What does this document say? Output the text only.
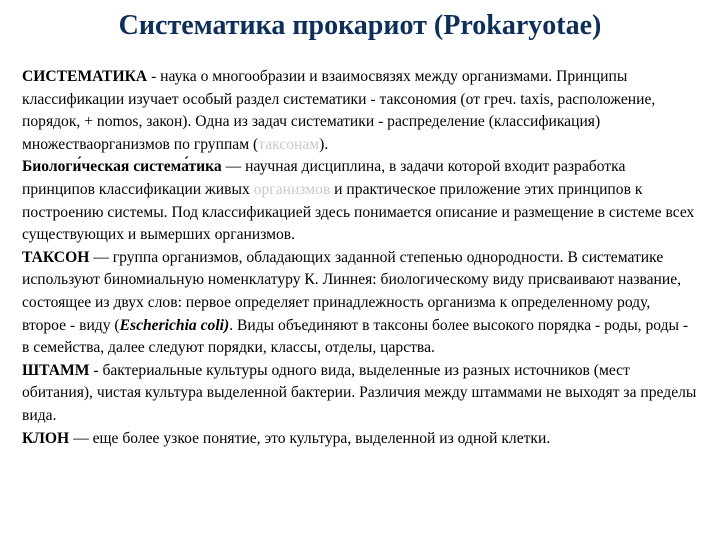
Систематика прокариот (Prokaryotae)

СИСТЕМАТИКА - наука о многообразии и взаимосвязях между организмами. Принципы классификации изучает особый раздел систематики - таксономия (от греч. taxis, расположение, порядок, + nomos, закон). Одна из задач систематики - распределение (классификация) множестваорганизмов по группам (таксонам).

Биологи́ческая система́тика — научная дисциплина, в задачи которой входит разработка принципов классификации живых организмов и практическое приложение этих принципов к построению системы. Под классификацией здесь понимается описание и размещение в системе всех существующих и вымерших организмов.

ТАКСОН — группа организмов, обладающих заданной степенью однородности. В систематике используют биномиальную номенклатуру К. Линнея: биологическому виду присваивают название, состоящее из двух слов: первое определяет принадлежность организма к определенному роду, второе - виду (Escherichia coli). Виды объединяют в таксоны более высокого порядка - роды, роды - в семейства, далее следуют порядки, классы, отделы, царства.

ШТАММ - бактериальные культуры одного вида, выделенные из разных источников (мест обитания), чистая культура выделенной бактерии. Различия между штаммами не выходят за пределы вида.

КЛОН — еще более узкое понятие, это культура, выделенной из одной клетки.
